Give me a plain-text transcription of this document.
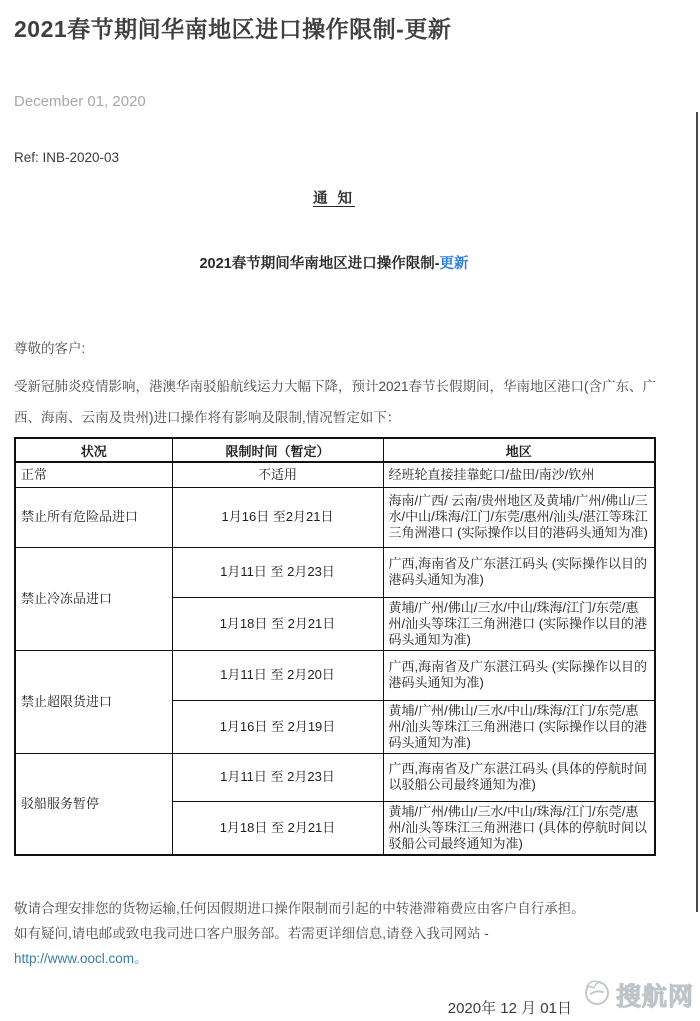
2021春节期间华南地区进口操作限制-更新
December 01, 2020
Ref: INB-2020-03
通 知
2021春节期间华南地区进口操作限制-更新
尊敬的客户:

受新冠肺炎疫情影响，港澳华南驳船航线运力大幅下降，预计2021春节长假期间，华南地区港口(含广东、广西、海南、云南及贵州)进口操作将有影响及限制,情况暂定如下：

状况	限制时间（暂定）	地区
正常	不适用	经班轮直接挂靠蛇口/盐田/南沙/钦州
禁止所有危险品进口	1月16日 至2月21日	海南/广西/ 云南/贵州地区及黄埔/广州/佛山/三水/中山/珠海/江门/东莞/惠州/汕头/湛江等珠江三角洲港口 (实际操作以目的港码头通知为准)
禁止冷冻品进口	1月11日 至 2月23日	广西,海南省及广东湛江码头 (实际操作以目的港码头通知为准)
	1月18日 至 2月21日	黄埔/广州/佛山/三水/中山/珠海/江门/东莞/惠州/汕头等珠江三角洲港口 (实际操作以目的港码头通知为准)
禁止超限货进口	1月11日 至 2月20日	广西,海南省及广东湛江码头 (实际操作以目的港码头通知为准)
	1月16日 至 2月19日	黄埔/广州/佛山/三水/中山/珠海/江门/东莞/惠州/汕头等珠江三角洲港口 (实际操作以目的港码头通知为准)
驳船服务暂停	1月11日 至 2月23日	广西,海南省及广东湛江码头 (具体的停航时间以驳船公司最终通知为准)
	1月18日 至 2月21日	黄埔/广州/佛山/三水/中山/珠海/江门/东莞/惠州/汕头等珠江三角洲港口 (具体的停航时间以驳船公司最终通知为准)

敬请合理安排您的货物运输,任何因假期进口操作限制而引起的中转港滞箱费应由客户自行承担。
如有疑问,请电邮或致电我司进口客户服务部。若需更详细信息,请登入我司网站 -
http://www.oocl.com。

2020年 12 月 01日	搜航网
